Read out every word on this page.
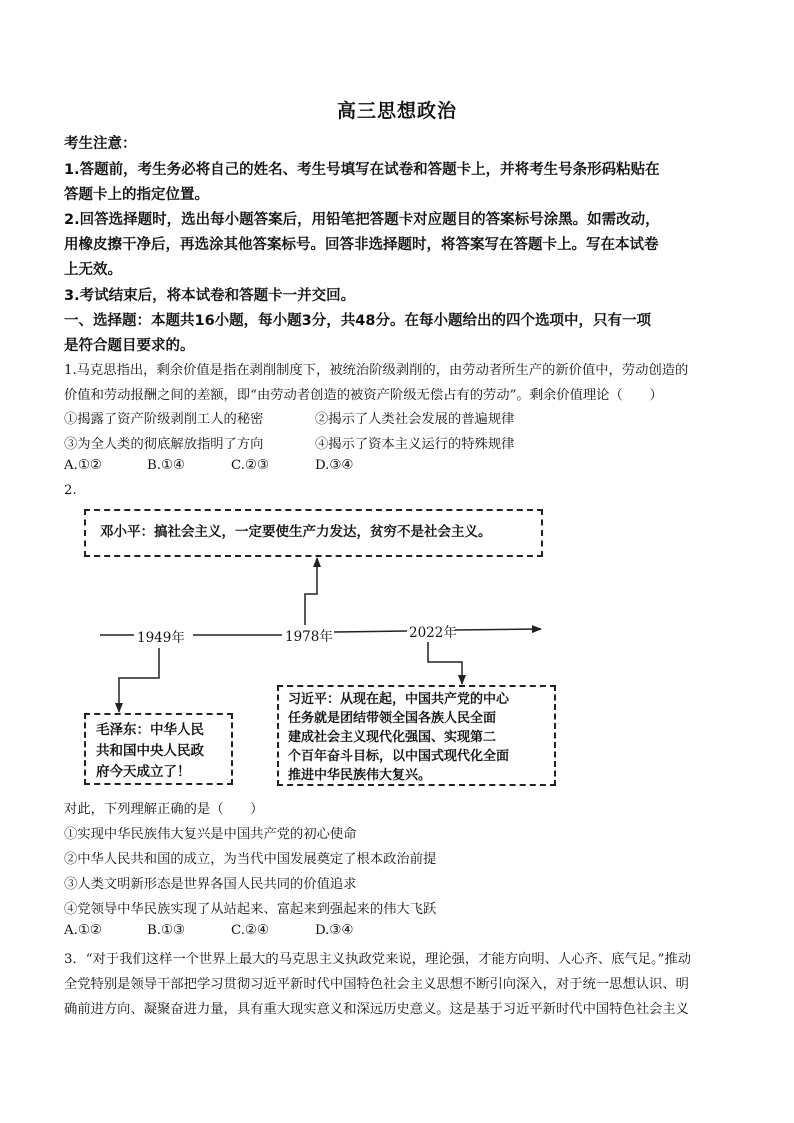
高三思想政治
考生注意：
1.答题前，考生务必将自己的姓名、考生号填写在试卷和答题卡上，并将考生号条形码粘贴在
答题卡上的指定位置。
2.回答选择题时，选出每小题答案后，用铅笔把答题卡对应题目的答案标号涂黑。如需改动，
用橡皮擦干净后，再选涂其他答案标号。回答非选择题时，将答案写在答题卡上。写在本试卷
上无效。
3.考试结束后，将本试卷和答题卡一并交回。
一、选择题：本题共16小题，每小题3分，共48分。在每小题给出的四个选项中，只有一项
是符合题目要求的。
1.马克思指出，剩余价值是指在剥削制度下，被统治阶级剥削的，由劳动者所生产的新价值中，劳动创造的
价值和劳动报酬之间的差额，即“由劳动者创造的被资产阶级无偿占有的劳动”。剩余价值理论（　　）
①揭露了资产阶级剥削工人的秘密	②揭示了人类社会发展的普遍规律
③为全人类的彻底解放指明了方向	④揭示了资本主义运行的特殊规律
A.①②	B.①④	C.②③	D.③④
2.
1949年	1978年	2022年
邓小平：搞社会主义，一定要使生产力发达，贫穷不是社会主义。
毛泽东：中华人民
共和国中央人民政
府今天成立了！
习近平：从现在起，中国共产党的中心
任务就是团结带领全国各族人民全面
建成社会主义现代化强国、实现第二
个百年奋斗目标，以中国式现代化全面
推进中华民族伟大复兴。
对此，下列理解正确的是（　　）
①实现中华民族伟大复兴是中国共产党的初心使命
②中华人民共和国的成立，为当代中国发展奠定了根本政治前提
③人类文明新形态是世界各国人民共同的价值追求
④党领导中华民族实现了从站起来、富起来到强起来的伟大飞跃
A.①②	B.①③	C.②④	D.③④
3．“对于我们这样一个世界上最大的马克思主义执政党来说，理论强，才能方向明、人心齐、底气足。”推动
全党特别是领导干部把学习贯彻习近平新时代中国特色社会主义思想不断引向深入，对于统一思想认识、明
确前进方向、凝聚奋进力量，具有重大现实意义和深远历史意义。这是基于习近平新时代中国特色社会主义
